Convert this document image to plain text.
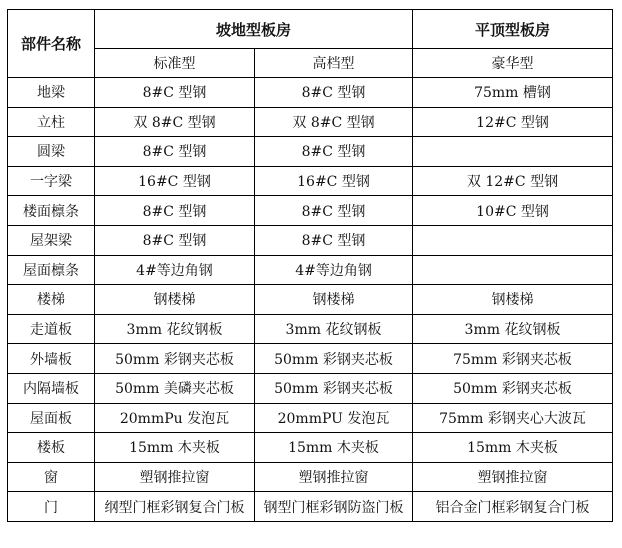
部件名称	坡地型板房		平顶型板房
	标准型	高档型	豪华型
地梁	8#C 型钢	8#C 型钢	75mm 槽钢
立柱	双 8#C 型钢	双 8#C 型钢	12#C 型钢
圆梁	8#C 型钢	8#C 型钢	
一字梁	16#C 型钢	16#C 型钢	双 12#C 型钢
楼面檩条	8#C 型钢	8#C 型钢	10#C 型钢
屋架梁	8#C 型钢	8#C 型钢	
屋面檩条	4#等边角钢	4#等边角钢	
楼梯	钢楼梯	钢楼梯	钢楼梯
走道板	3mm 花纹钢板	3mm 花纹钢板	3mm 花纹钢板
外墙板	50mm 彩钢夹芯板	50mm 彩钢夹芯板	75mm 彩钢夹芯板
内隔墙板	50mm 美磷夹芯板	50mm 彩钢夹芯板	50mm 彩钢夹芯板
屋面板	20mmPu 发泡瓦	20mmPU 发泡瓦	75mm 彩钢夹心大波瓦
楼板	15mm 木夹板	15mm 木夹板	15mm 木夹板
窗	塑钢推拉窗	塑钢推拉窗	塑钢推拉窗
门	纲型门框彩钢复合门板	钢型门框彩钢防盗门板	铝合金门框彩钢复合门板
